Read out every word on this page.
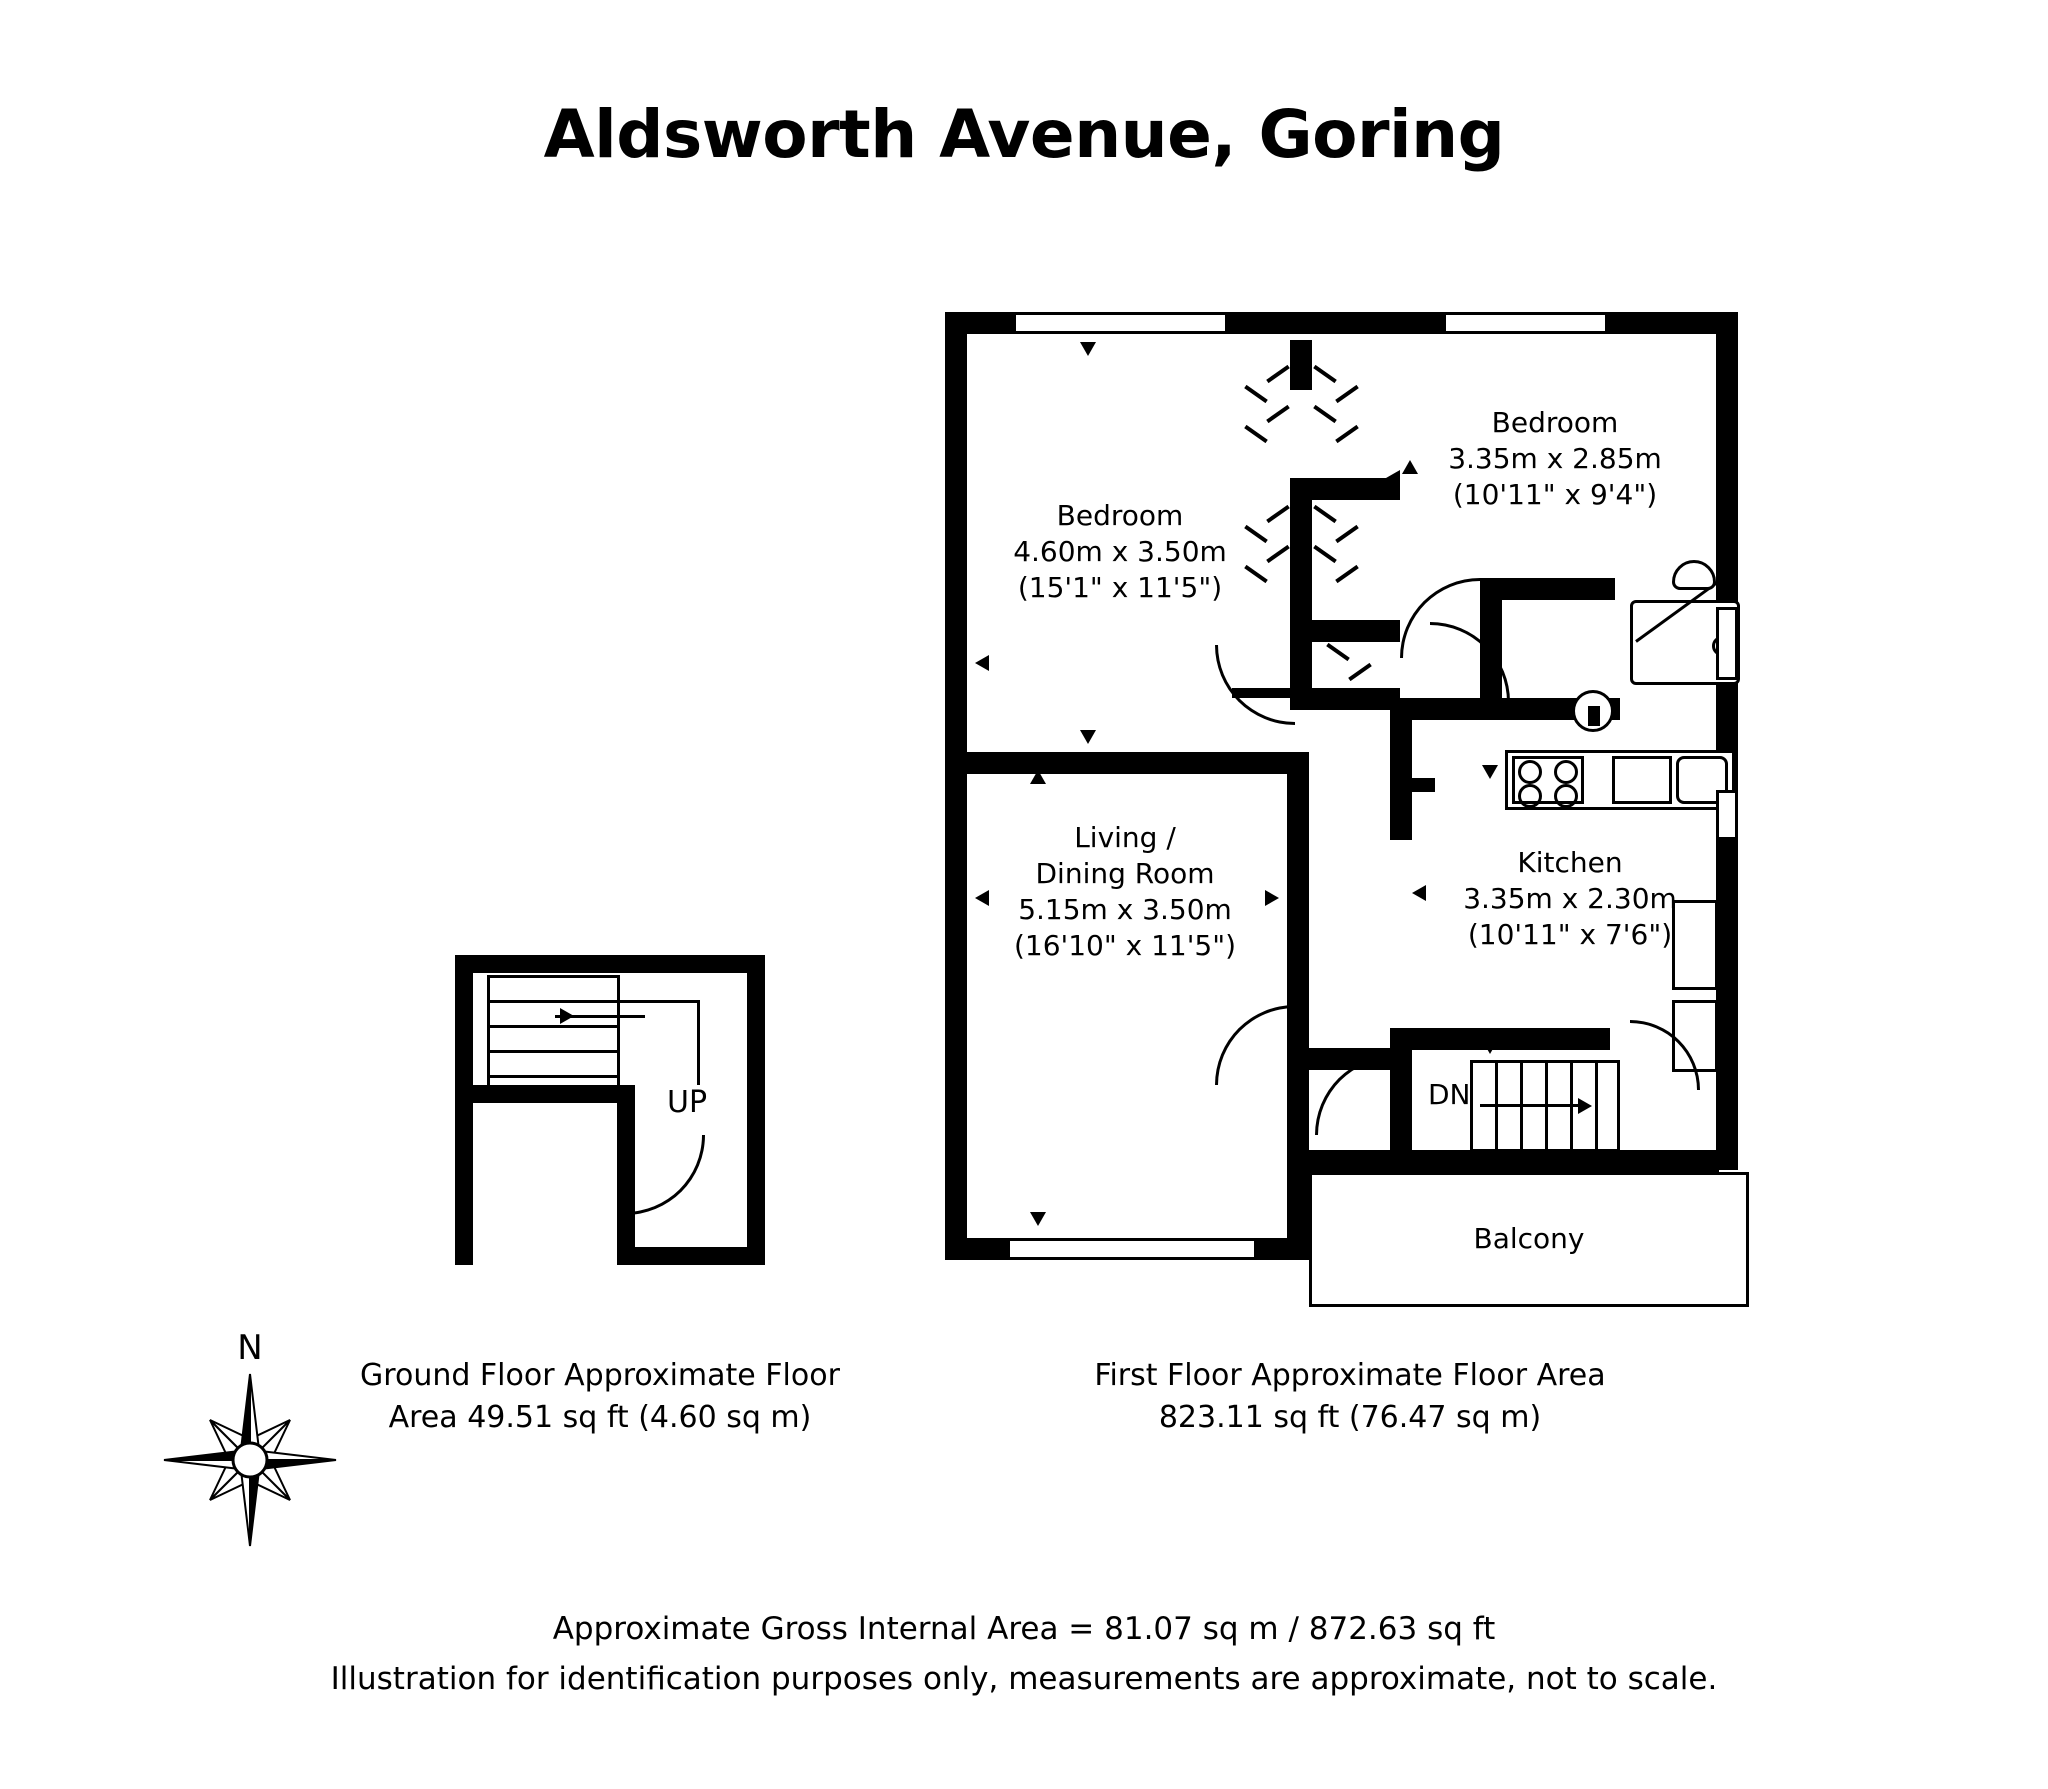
Aldsworth Avenue, Goring
UP	DN
Balcony
Bedroom
4.60m x 3.50m
(15'1" x 11'5")
Bedroom
3.35m x 2.85m
(10'11" x 9'4")
Living /
Dining Room
5.15m x 3.50m
(16'10" x 11'5")
Kitchen
3.35m x 2.30m
(10'11" x 7'6")
N
Ground Floor Approximate Floor Area 49.51 sq ft (4.60 sq m)
First Floor Approximate Floor Area 823.11 sq ft (76.47 sq m)
Approximate Gross Internal Area = 81.07 sq m / 872.63 sq ft
Illustration for identification purposes only, measurements are approximate, not to scale.
